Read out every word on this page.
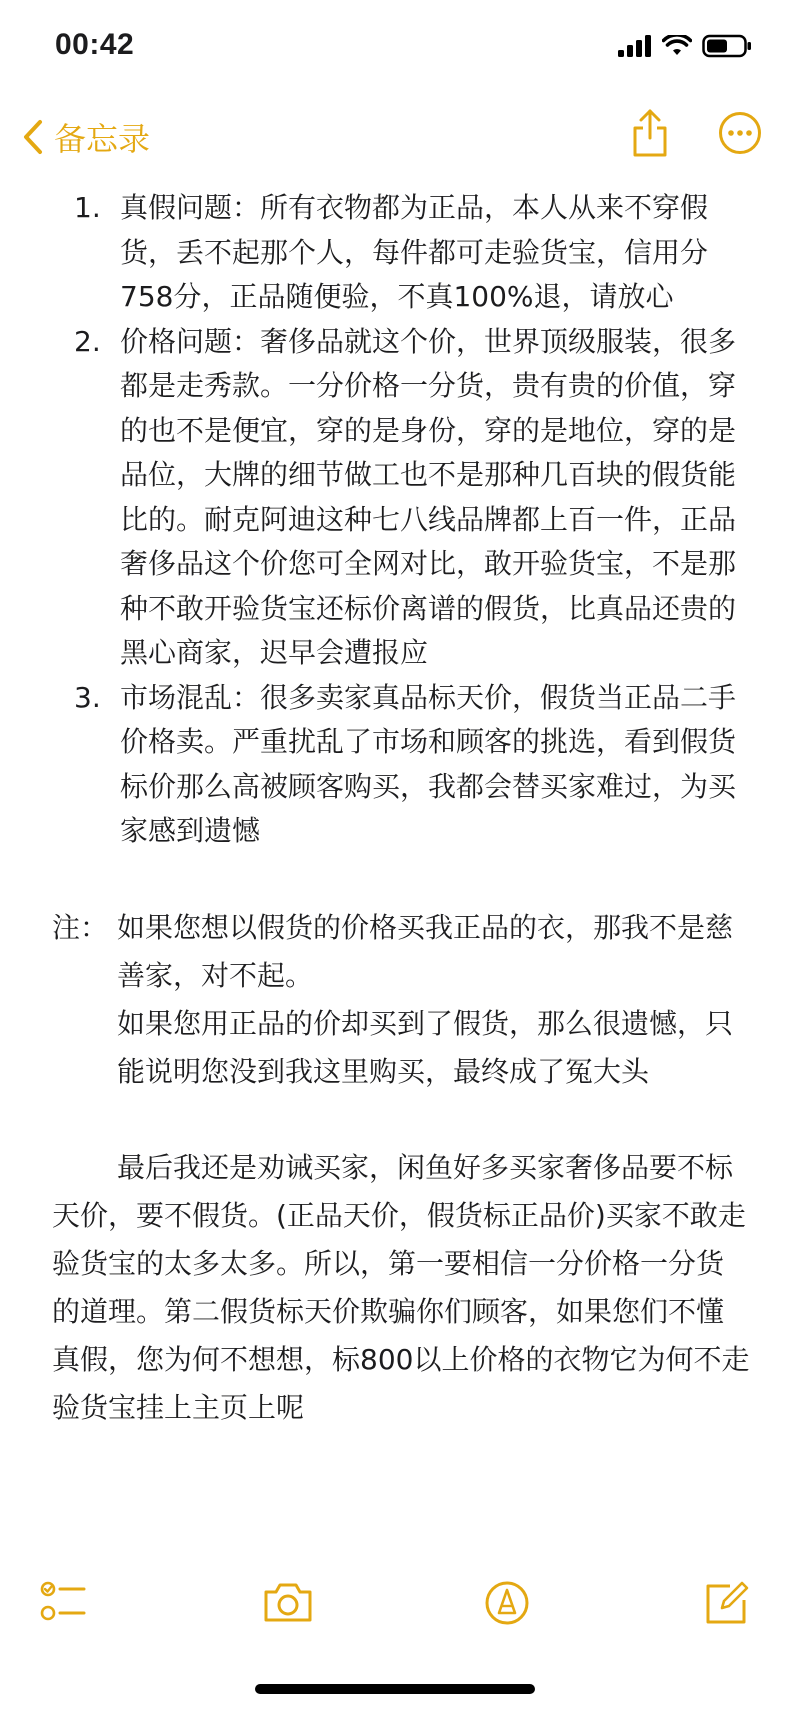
00:42
备忘录
1. 真假问题：所有衣物都为正品，本人从来不穿假货，丢不起那个人，每件都可走验货宝，信用分758分，正品随便验，不真100%退，请放心
2. 价格问题：奢侈品就这个价，世界顶级服装，很多都是走秀款。一分价格一分货，贵有贵的价值，穿的也不是便宜，穿的是身份，穿的是地位，穿的是品位，大牌的细节做工也不是那种几百块的假货能比的。耐克阿迪这种七八线品牌都上百一件，正品奢侈品这个价您可全网对比，敢开验货宝，不是那种不敢开验货宝还标价离谱的假货，比真品还贵的黑心商家，迟早会遭报应
3. 市场混乱：很多卖家真品标天价，假货当正品二手价格卖。严重扰乱了市场和顾客的挑选，看到假货标价那么高被顾客购买，我都会替买家难过，为买家感到遗憾
注： 如果您想以假货的价格买我正品的衣，那我不是慈善家，对不起。
如果您用正品的价却买到了假货，那么很遗憾，只能说明您没到我这里购买，最终成了冤大头
最后我还是劝诫买家，闲鱼好多买家奢侈品要不标天价，要不假货。(正品天价，假货标正品价)买家不敢走验货宝的太多太多。所以，第一要相信一分价格一分货的道理。第二假货标天价欺骗你们顾客，如果您们不懂真假，您为何不想想，标800以上价格的衣物它为何不走验货宝挂上主页上呢
